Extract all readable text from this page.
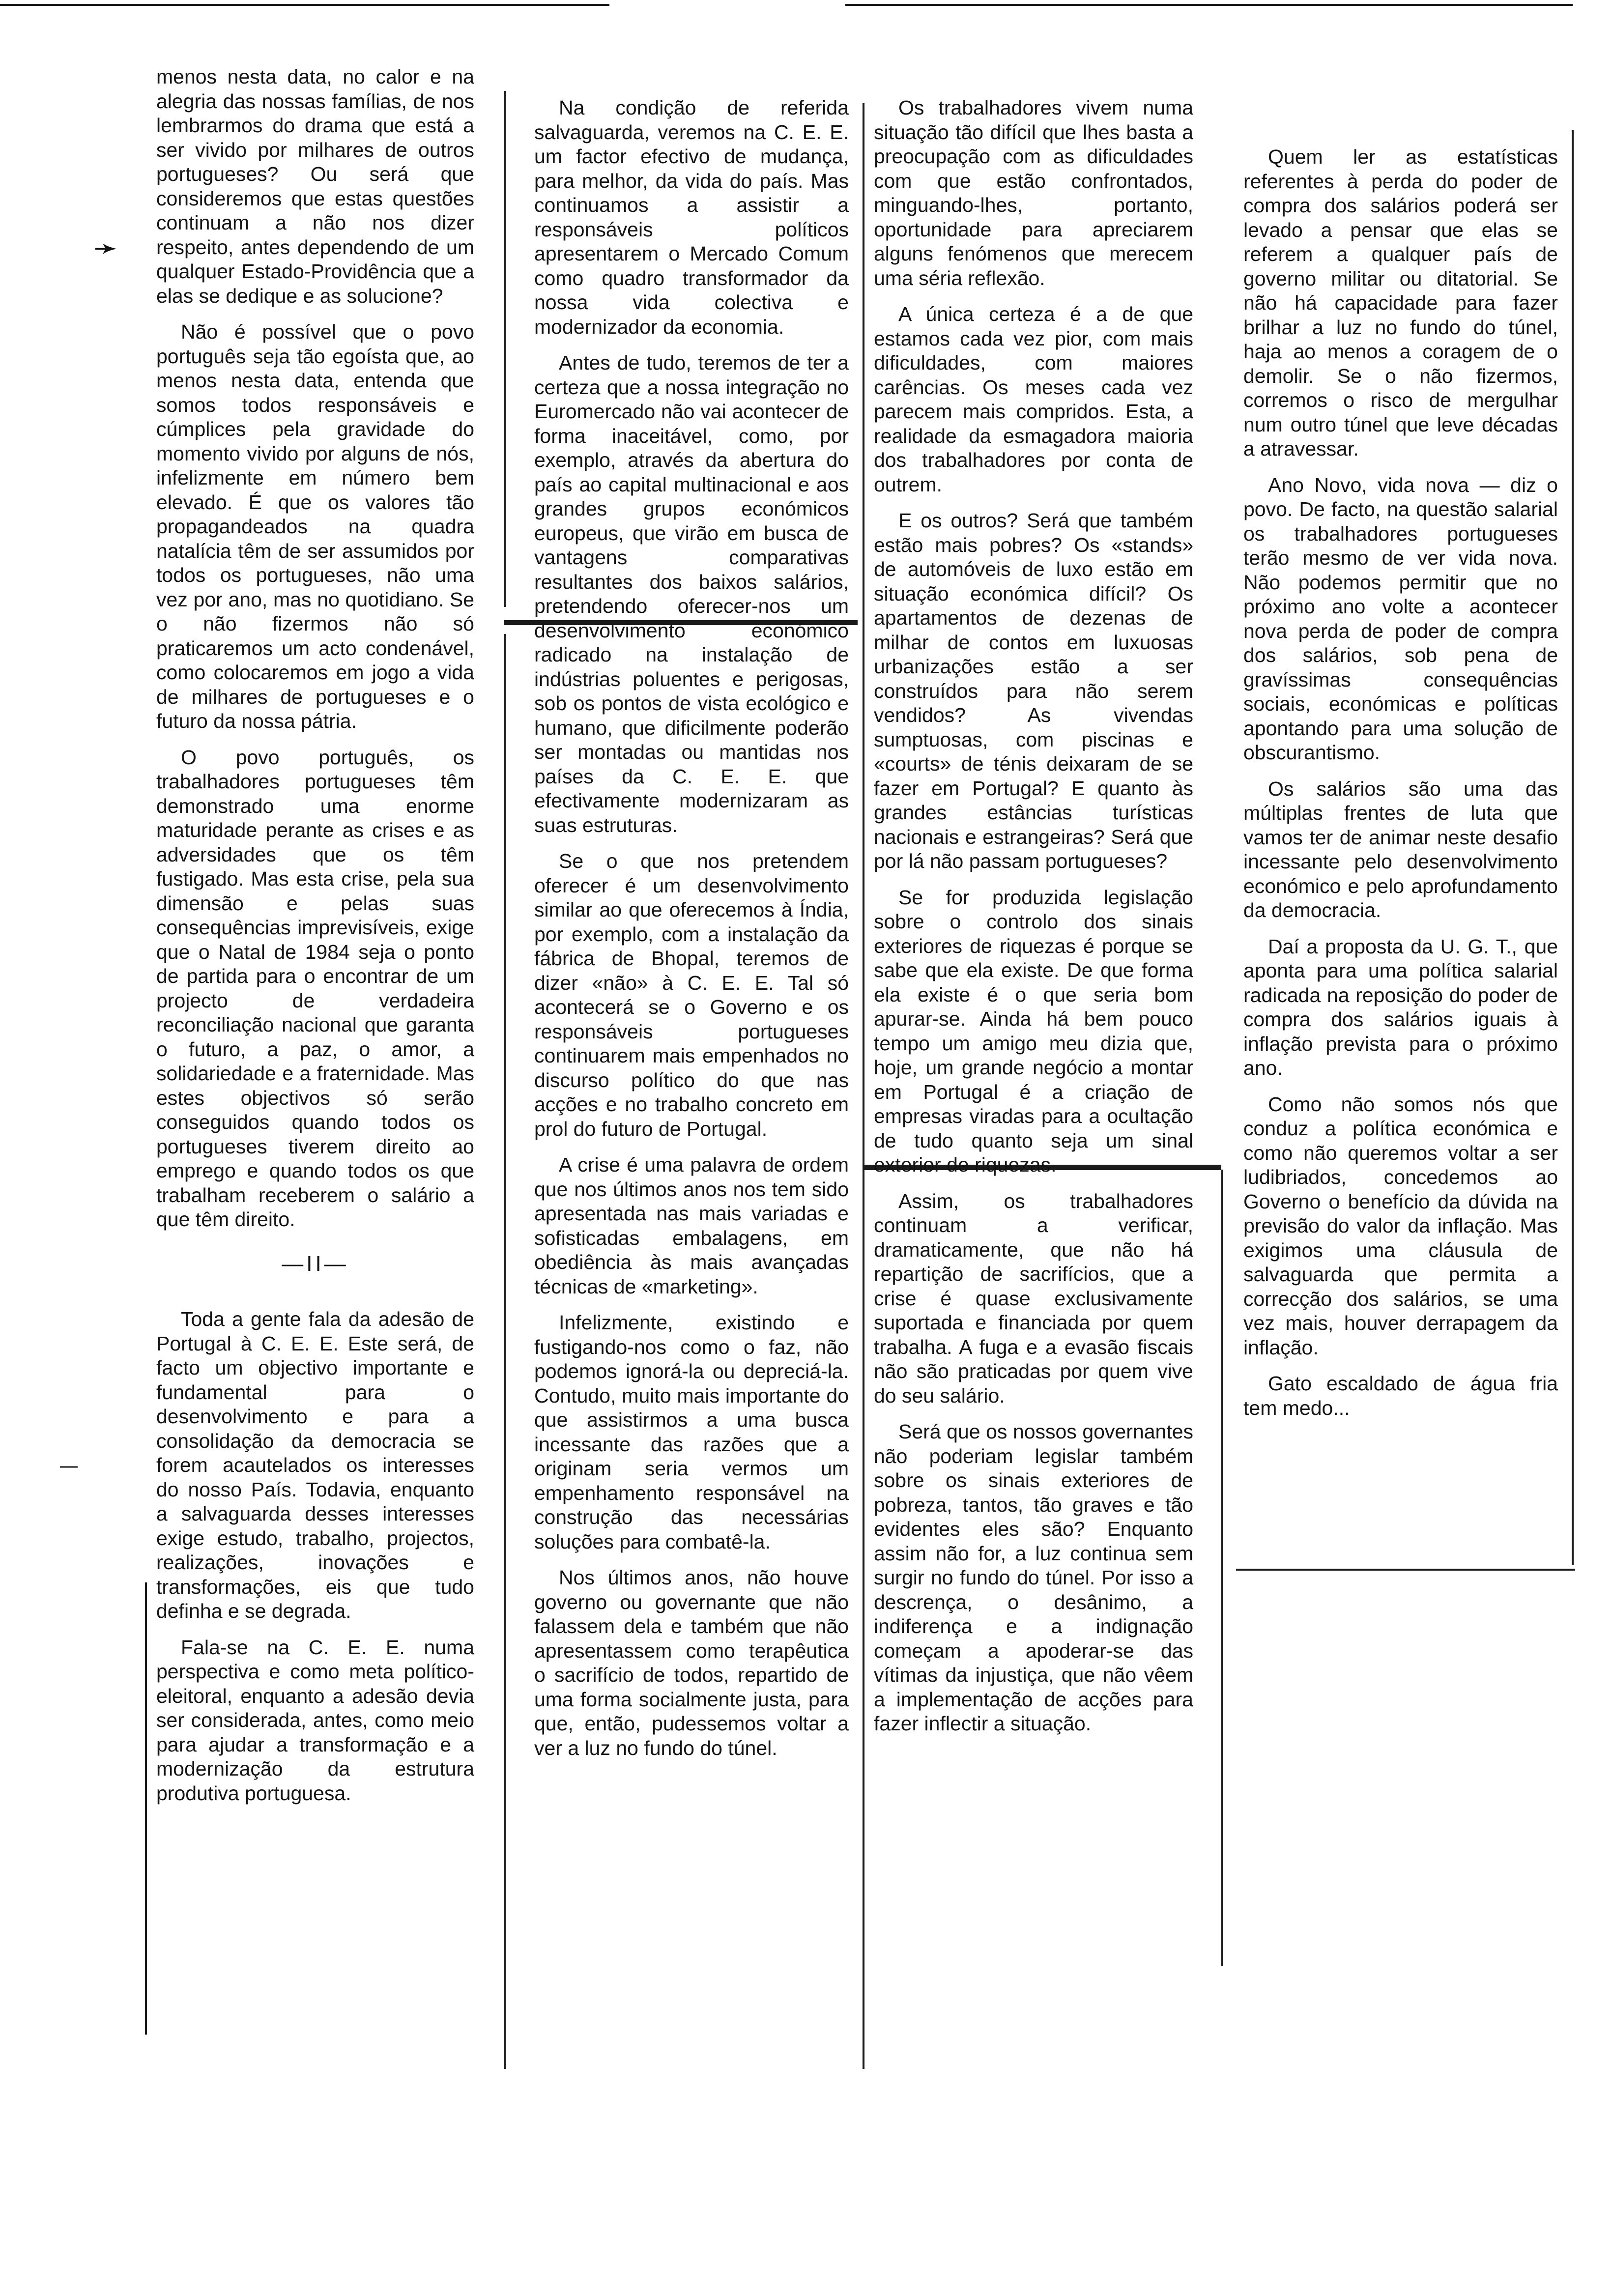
➛
—

menos nesta data, no calor e na alegria das nossas famílias, de nos lembrarmos do drama que está a ser vivido por milhares de outros portugueses? Ou será que consideremos que estas questões continuam a não nos dizer respeito, antes dependendo de um qualquer Estado-Providência que a elas se dedique e as solucione?

Não é possível que o povo português seja tão egoísta que, ao menos nesta data, entenda que somos todos responsáveis e cúmplices pela gravidade do momento vivido por alguns de nós, infelizmente em número bem elevado. É que os valores tão propagandeados na quadra natalícia têm de ser assumidos por todos os portugueses, não uma vez por ano, mas no quotidiano. Se o não fizermos não só praticaremos um acto condenável, como colocaremos em jogo a vida de milhares de portugueses e o futuro da nossa pátria.

O povo português, os trabalhadores portugueses têm demonstrado uma enorme maturidade perante as crises e as adversidades que os têm fustigado. Mas esta crise, pela sua dimensão e pelas suas consequências imprevisíveis, exige que o Natal de 1984 seja o ponto de partida para o encontrar de um projecto de verdadeira reconciliação nacional que garanta o futuro, a paz, o amor, a solidariedade e a fraternidade. Mas estes objectivos só serão conseguidos quando todos os portugueses tiverem direito ao emprego e quando todos os que trabalham receberem o salário a que têm direito.

—II—

Toda a gente fala da adesão de Portugal à C. E. E. Este será, de facto um objectivo importante e fundamental para o desenvolvimento e para a consolidação da democracia se forem acautelados os interesses do nosso País. Todavia, enquanto a salvaguarda desses interesses exige estudo, trabalho, projectos, realizações, inovações e transformações, eis que tudo definha e se degrada.

Fala-se na C. E. E. numa perspectiva e como meta político-eleitoral, enquanto a adesão devia ser considerada, antes, como meio para ajudar a transformação e a modernização da estrutura produtiva portuguesa.

Na condição de referida salvaguarda, veremos na C. E. E. um factor efectivo de mudança, para melhor, da vida do país. Mas continuamos a assistir a responsáveis políticos apresentarem o Mercado Comum como quadro transformador da nossa vida colectiva e modernizador da economia.

Antes de tudo, teremos de ter a certeza que a nossa integração no Euromercado não vai acontecer de forma inaceitável, como, por exemplo, através da abertura do país ao capital multinacional e aos grandes grupos económicos europeus, que virão em busca de vantagens comparativas resultantes dos baixos salários, pretendendo oferecer-nos um desenvolvimento económico radicado na instalação de indústrias poluentes e perigosas, sob os pontos de vista ecológico e humano, que dificilmente poderão ser montadas ou mantidas nos países da C. E. E. que efectivamente modernizaram as suas estruturas.

Se o que nos pretendem oferecer é um desenvolvimento similar ao que oferecemos à Índia, por exemplo, com a instalação da fábrica de Bhopal, teremos de dizer «não» à C. E. E. Tal só acontecerá se o Governo e os responsáveis portugueses continuarem mais empenhados no discurso político do que nas acções e no trabalho concreto em prol do futuro de Portugal.

A crise é uma palavra de ordem que nos últimos anos nos tem sido apresentada nas mais variadas e sofisticadas embalagens, em obediência às mais avançadas técnicas de «marketing».

Infelizmente, existindo e fustigando-nos como o faz, não podemos ignorá-la ou depreciá-la. Contudo, muito mais importante do que assistirmos a uma busca incessante das razões que a originam seria vermos um empenhamento responsável na construção das necessárias soluções para combatê-la.

Nos últimos anos, não houve governo ou governante que não falassem dela e também que não apresentassem como terapêutica o sacrifício de todos, repartido de uma forma socialmente justa, para que, então, pudessemos voltar a ver a luz no fundo do túnel.

Os trabalhadores vivem numa situação tão difícil que lhes basta a preocupação com as dificuldades com que estão confrontados, minguando-lhes, portanto, oportunidade para apreciarem alguns fenómenos que merecem uma séria reflexão.

A única certeza é a de que estamos cada vez pior, com mais dificuldades, com maiores carências. Os meses cada vez parecem mais compridos. Esta, a realidade da esmagadora maioria dos trabalhadores por conta de outrem.

E os outros? Será que também estão mais pobres? Os «stands» de automóveis de luxo estão em situação económica difícil? Os apartamentos de dezenas de milhar de contos em luxuosas urbanizações estão a ser construídos para não serem vendidos? As vivendas sumptuosas, com piscinas e «courts» de ténis deixaram de se fazer em Portugal? E quanto às grandes estâncias turísticas nacionais e estrangeiras? Será que por lá não passam portugueses?

Se for produzida legislação sobre o controlo dos sinais exteriores de riquezas é porque se sabe que ela existe. De que forma ela existe é o que seria bom apurar-se. Ainda há bem pouco tempo um amigo meu dizia que, hoje, um grande negócio a montar em Portugal é a criação de empresas viradas para a ocultação de tudo quanto seja um sinal exterior de riquezas.

Assim, os trabalhadores continuam a verificar, dramaticamente, que não há repartição de sacrifícios, que a crise é quase exclusivamente suportada e financiada por quem trabalha. A fuga e a evasão fiscais não são praticadas por quem vive do seu salário.

Será que os nossos governantes não poderiam legislar também sobre os sinais exteriores de pobreza, tantos, tão graves e tão evidentes eles são? Enquanto assim não for, a luz continua sem surgir no fundo do túnel. Por isso a descrença, o desânimo, a indiferença e a indignação começam a apoderar-se das vítimas da injustiça, que não vêem a implementação de acções para fazer inflectir a situação.

Quem ler as estatísticas referentes à perda do poder de compra dos salários poderá ser levado a pensar que elas se referem a qualquer país de governo militar ou ditatorial. Se não há capacidade para fazer brilhar a luz no fundo do túnel, haja ao menos a coragem de o demolir. Se o não fizermos, corremos o risco de mergulhar num outro túnel que leve décadas a atravessar.

Ano Novo, vida nova — diz o povo. De facto, na questão salarial os trabalhadores portugueses terão mesmo de ver vida nova. Não podemos permitir que no próximo ano volte a acontecer nova perda de poder de compra dos salários, sob pena de gravíssimas consequências sociais, económicas e políticas apontando para uma solução de obscurantismo.

Os salários são uma das múltiplas frentes de luta que vamos ter de animar neste desafio incessante pelo desenvolvimento económico e pelo aprofundamento da democracia.

Daí a proposta da U. G. T., que aponta para uma política salarial radicada na reposição do poder de compra dos salários iguais à inflação prevista para o próximo ano.

Como não somos nós que conduz a política económica e como não queremos voltar a ser ludibriados, concedemos ao Governo o benefício da dúvida na previsão do valor da inflação. Mas exigimos uma cláusula de salvaguarda que permita a correcção dos salários, se uma vez mais, houver derrapagem da inflação.

Gato escaldado de água fria tem medo...
